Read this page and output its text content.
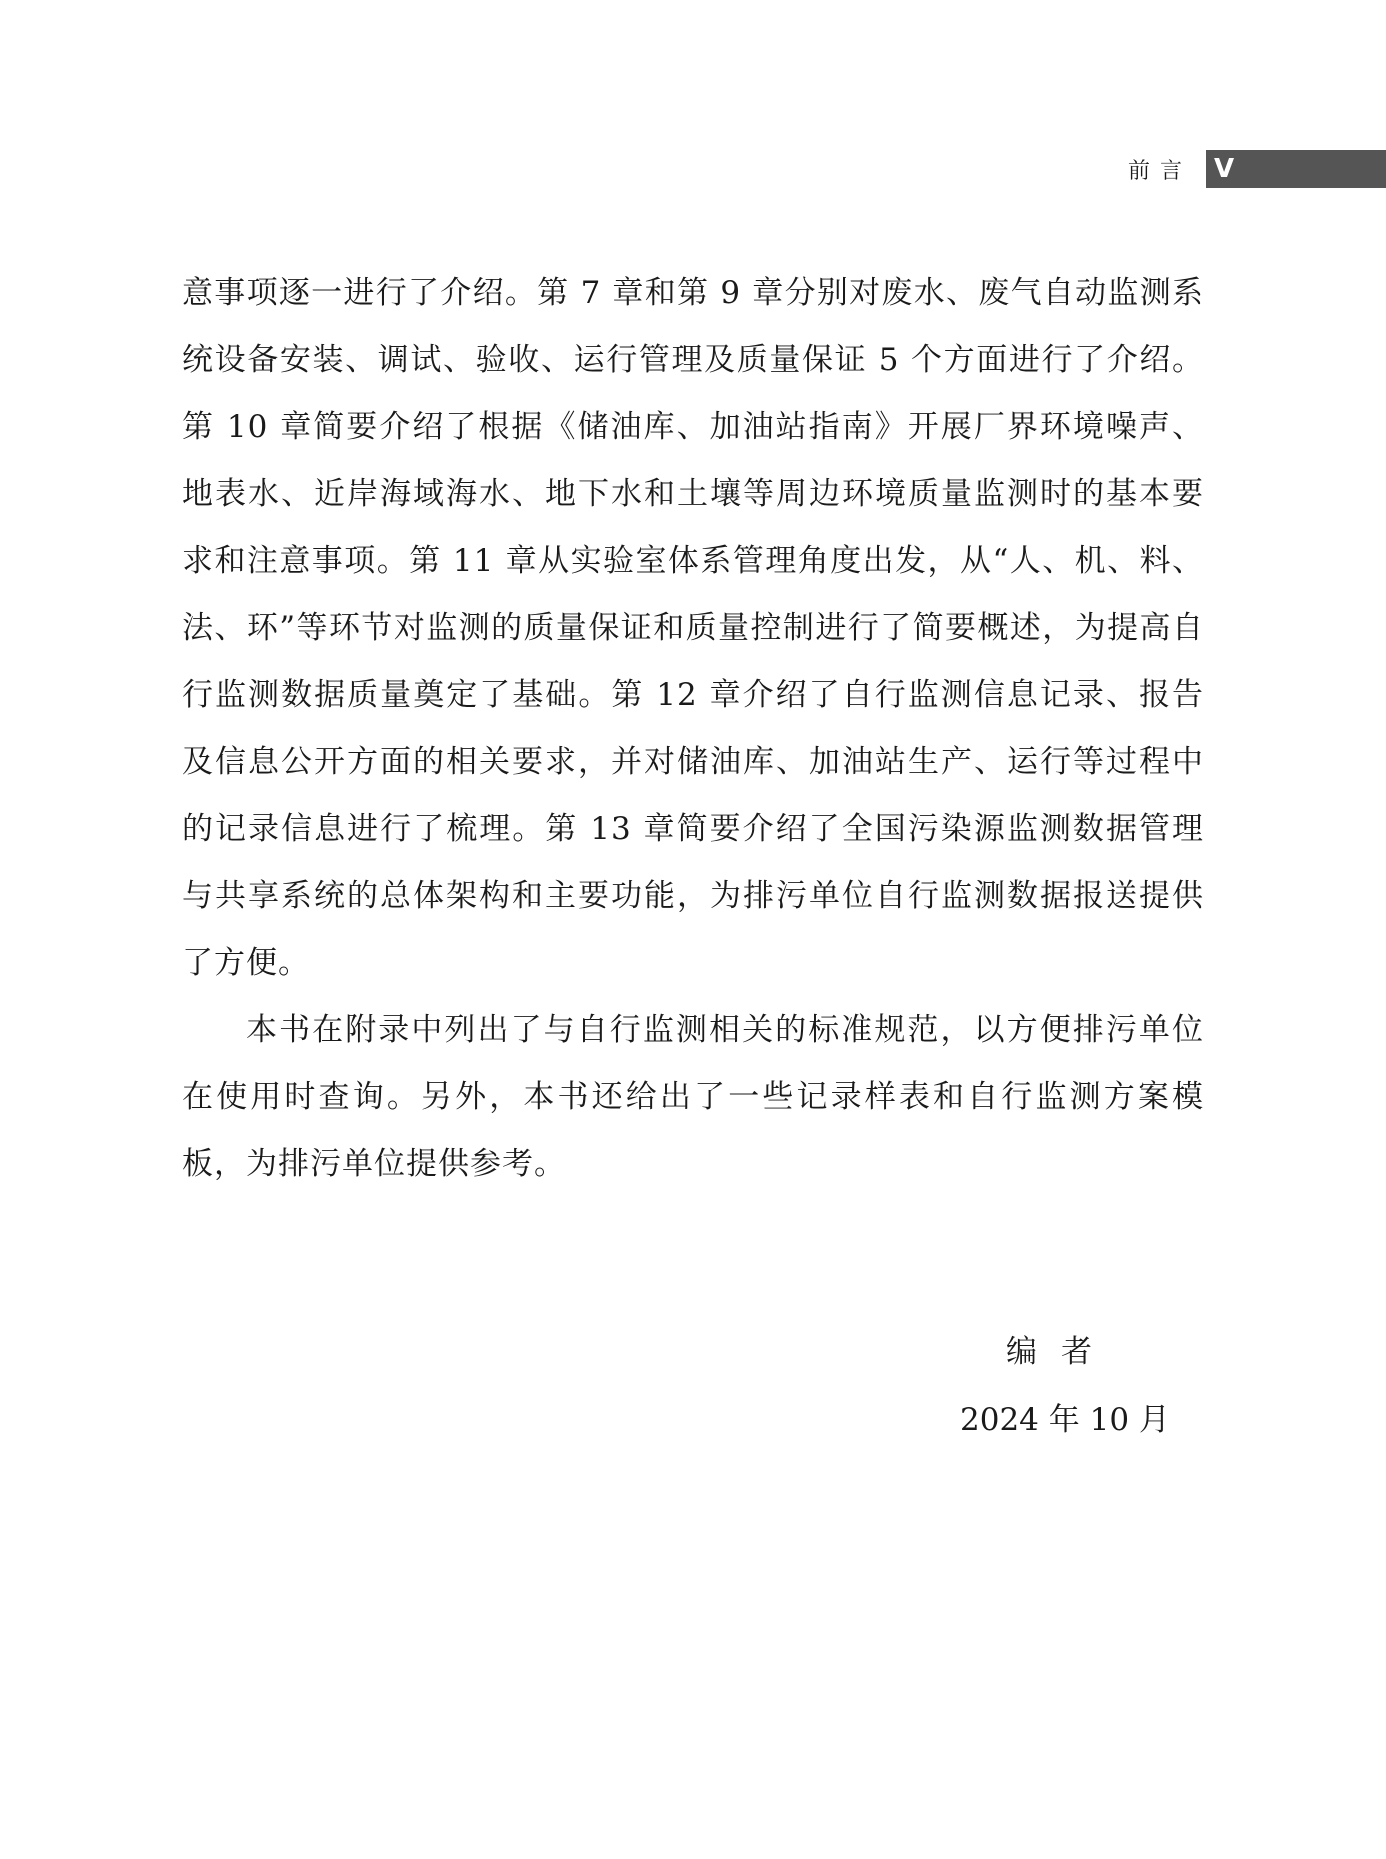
前言 V

意事项逐一进行了介绍。第 7 章和第 9 章分别对废水、废气自动监测系统设备安装、调试、验收、运行管理及质量保证 5 个方面进行了介绍。第 10 章简要介绍了根据《储油库、加油站指南》开展厂界环境噪声、地表水、近岸海域海水、地下水和土壤等周边环境质量监测时的基本要求和注意事项。第 11 章从实验室体系管理角度出发，从“人、机、料、法、环”等环节对监测的质量保证和质量控制进行了简要概述，为提高自行监测数据质量奠定了基础。第 12 章介绍了自行监测信息记录、报告及信息公开方面的相关要求，并对储油库、加油站生产、运行等过程中的记录信息进行了梳理。第 13 章简要介绍了全国污染源监测数据管理与共享系统的总体架构和主要功能，为排污单位自行监测数据报送提供了方便。

本书在附录中列出了与自行监测相关的标准规范，以方便排污单位在使用时查询。另外，本书还给出了一些记录样表和自行监测方案模板，为排污单位提供参考。

编者
2024 年 10 月
